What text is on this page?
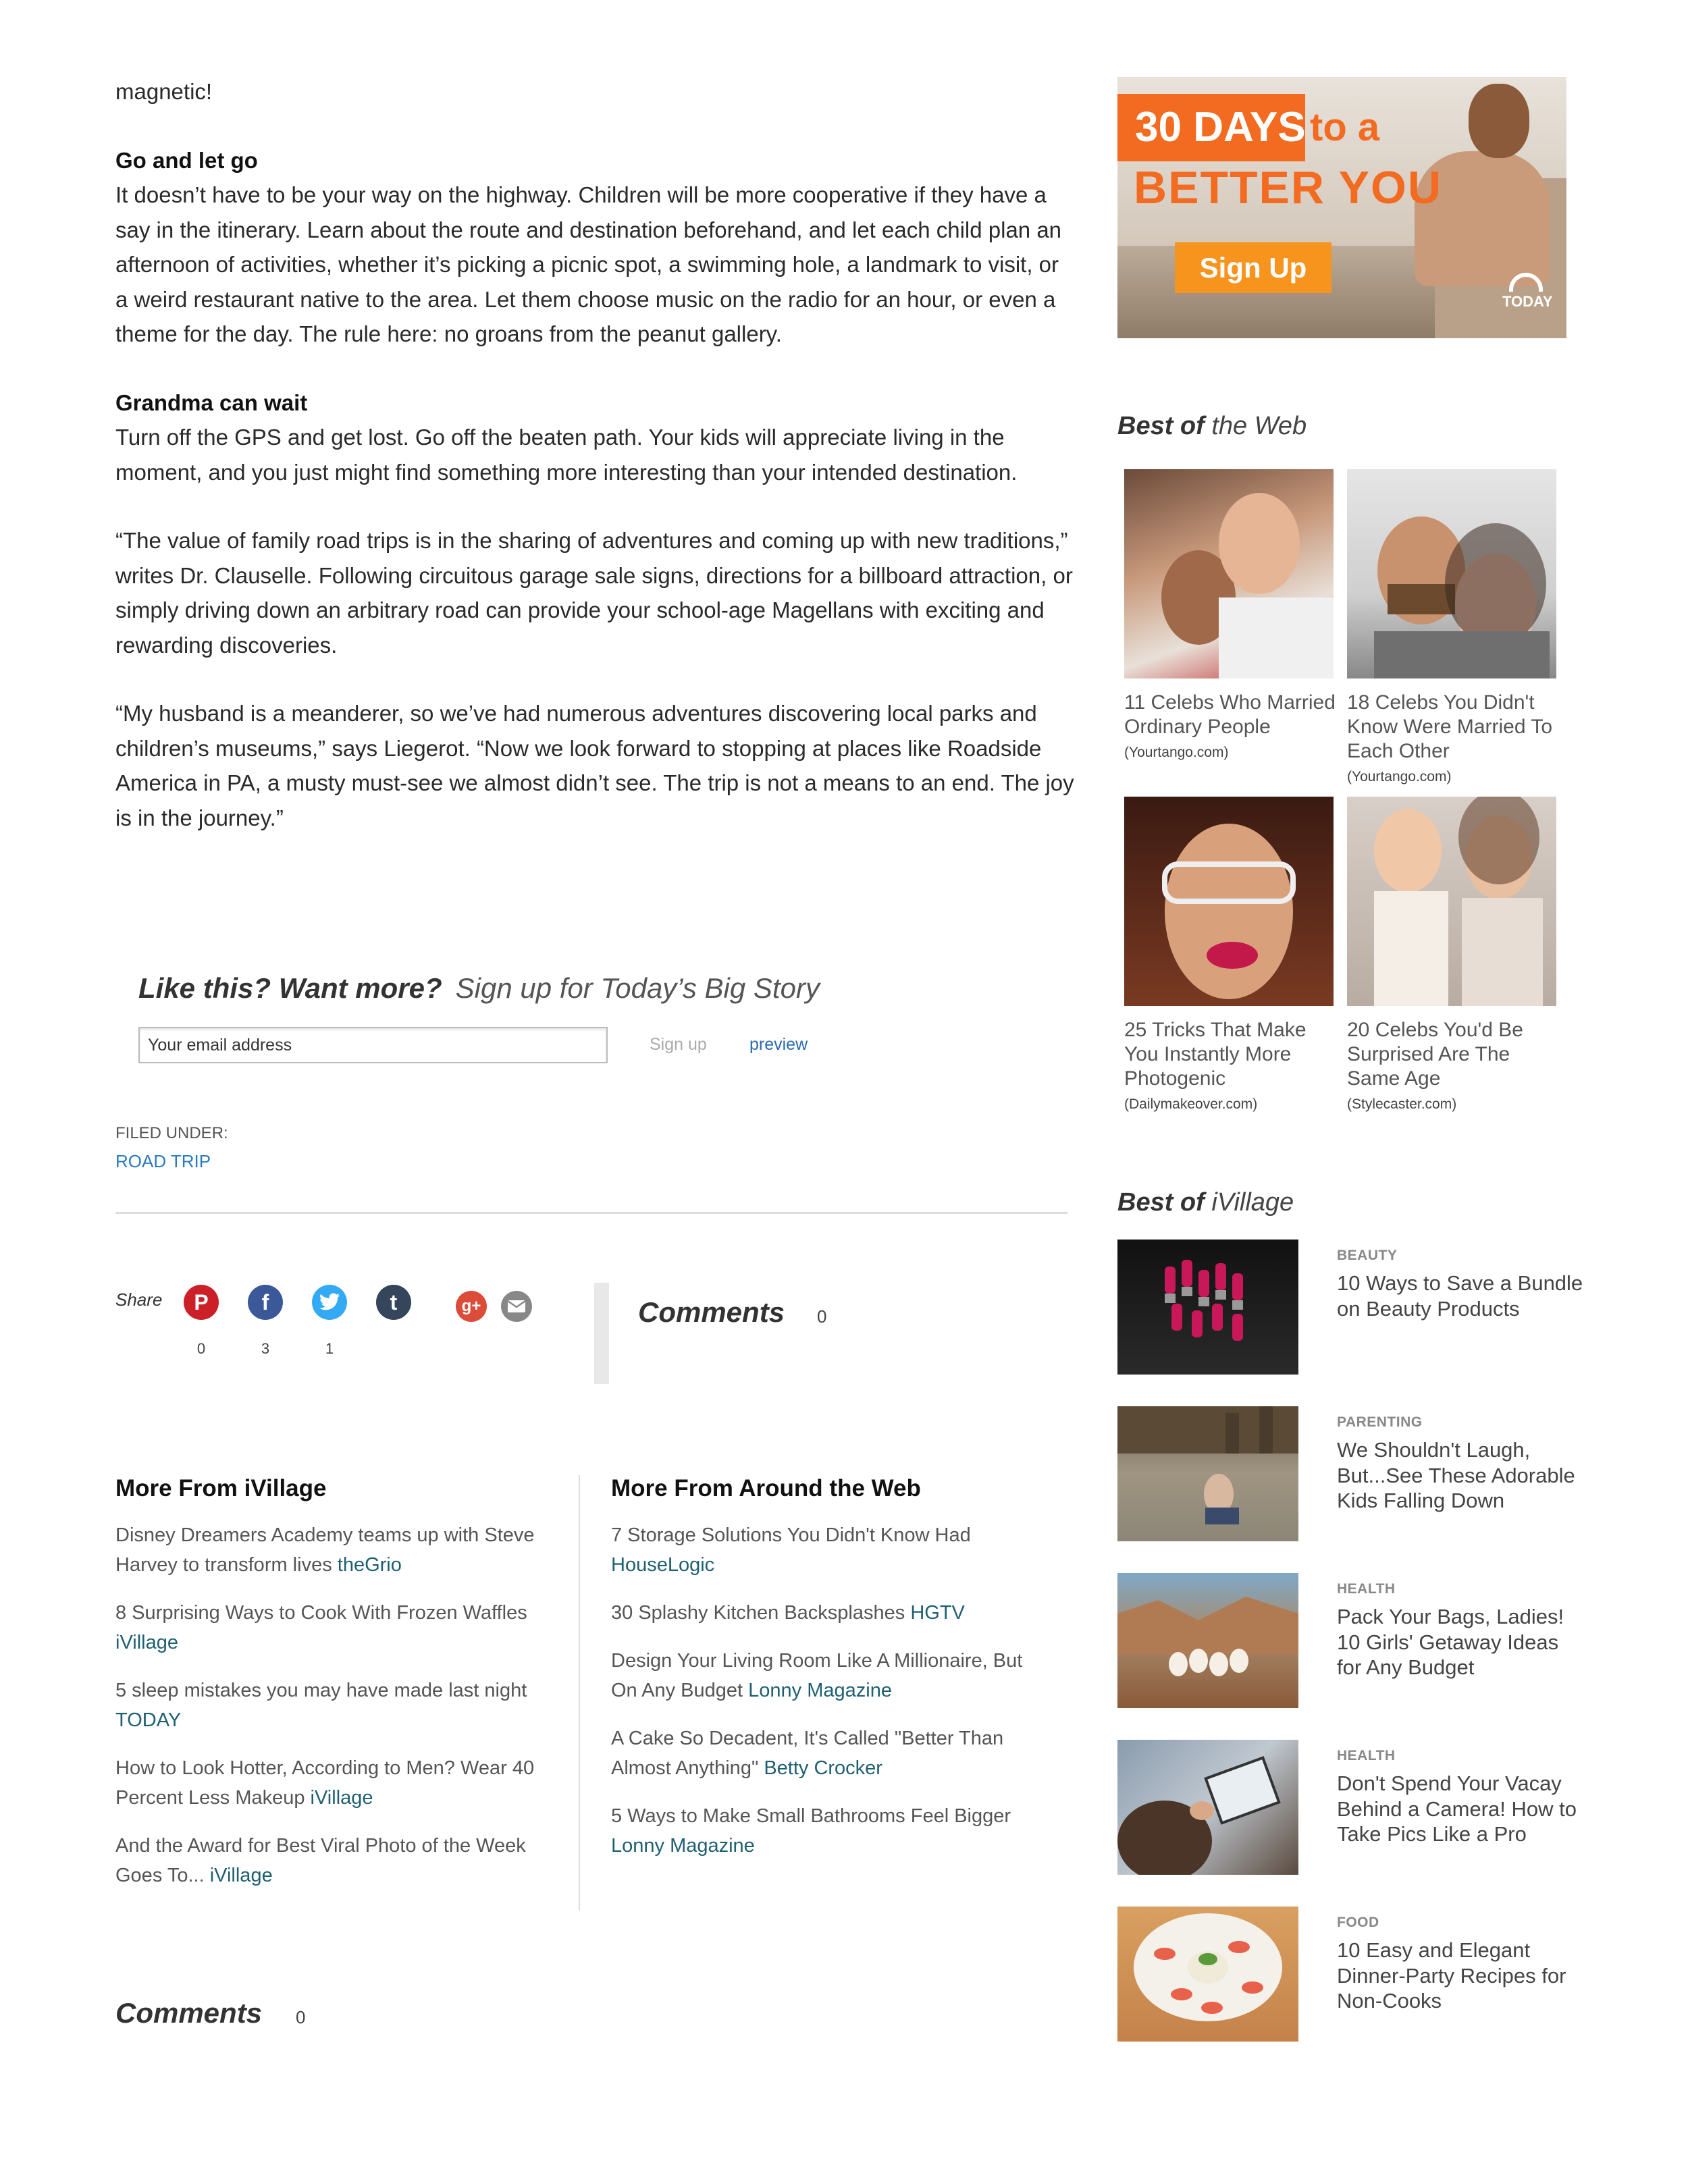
magnetic!

Go and let go
It doesn’t have to be your way on the highway. Children will be more cooperative if they have a say in the itinerary. Learn about the route and destination beforehand, and let each child plan an afternoon of activities, whether it’s picking a picnic spot, a swimming hole, a landmark to visit, or a weird restaurant native to the area. Let them choose music on the radio for an hour, or even a theme for the day. The rule here: no groans from the peanut gallery.

Grandma can wait
Turn off the GPS and get lost. Go off the beaten path. Your kids will appreciate living in the moment, and you just might find something more interesting than your intended destination.

“The value of family road trips is in the sharing of adventures and coming up with new traditions,” writes Dr. Clauselle. Following circuitous garage sale signs, directions for a billboard attraction, or simply driving down an arbitrary road can provide your school-age Magellans with exciting and rewarding discoveries.

“My husband is a meanderer, so we’ve had numerous adventures discovering local parks and children’s museums,” says Liegerot. “Now we look forward to stopping at places like Roadside America in PA, a musty must-see we almost didn’t see. The trip is not a means to an end. The joy is in the journey.”

Like this? Want more? Sign up for Today’s Big Story
Your email address
Sign up	preview
FILED UNDER:
ROAD TRIP
Share P f	t	g+
0	3	1
Comments 0
More From iVillage
Disney Dreamers Academy teams up with Steve Harvey to transform lives theGrio
8 Surprising Ways to Cook With Frozen Waffles iVillage
5 sleep mistakes you may have made last night TODAY
How to Look Hotter, According to Men? Wear 40 Percent Less Makeup iVillage
And the Award for Best Viral Photo of the Week Goes To... iVillage
More From Around the Web
7 Storage Solutions You Didn't Know Had HouseLogic
30 Splashy Kitchen Backsplashes HGTV
Design Your Living Room Like A Millionaire, But On Any Budget Lonny Magazine
A Cake So Decadent, It's Called "Better Than Almost Anything" Betty Crocker
5 Ways to Make Small Bathrooms Feel Bigger Lonny Magazine
Comments 0
30 DAYS to a
BETTER YOU
Sign Up
TODAY
Best of the Web
11 Celebs Who Married Ordinary People
(Yourtango.com)
18 Celebs You Didn't Know Were Married To Each Other
(Yourtango.com)
25 Tricks That Make You Instantly More Photogenic
(Dailymakeover.com)
20 Celebs You'd Be Surprised Are The Same Age
(Stylecaster.com)
Best of iVillage
BEAUTY
10 Ways to Save a Bundle on Beauty Products
PARENTING
We Shouldn't Laugh, But...See These Adorable Kids Falling Down
HEALTH
Pack Your Bags, Ladies! 10 Girls' Getaway Ideas for Any Budget
HEALTH
Don't Spend Your Vacay Behind a Camera! How to Take Pics Like a Pro
FOOD
10 Easy and Elegant Dinner-Party Recipes for Non-Cooks
